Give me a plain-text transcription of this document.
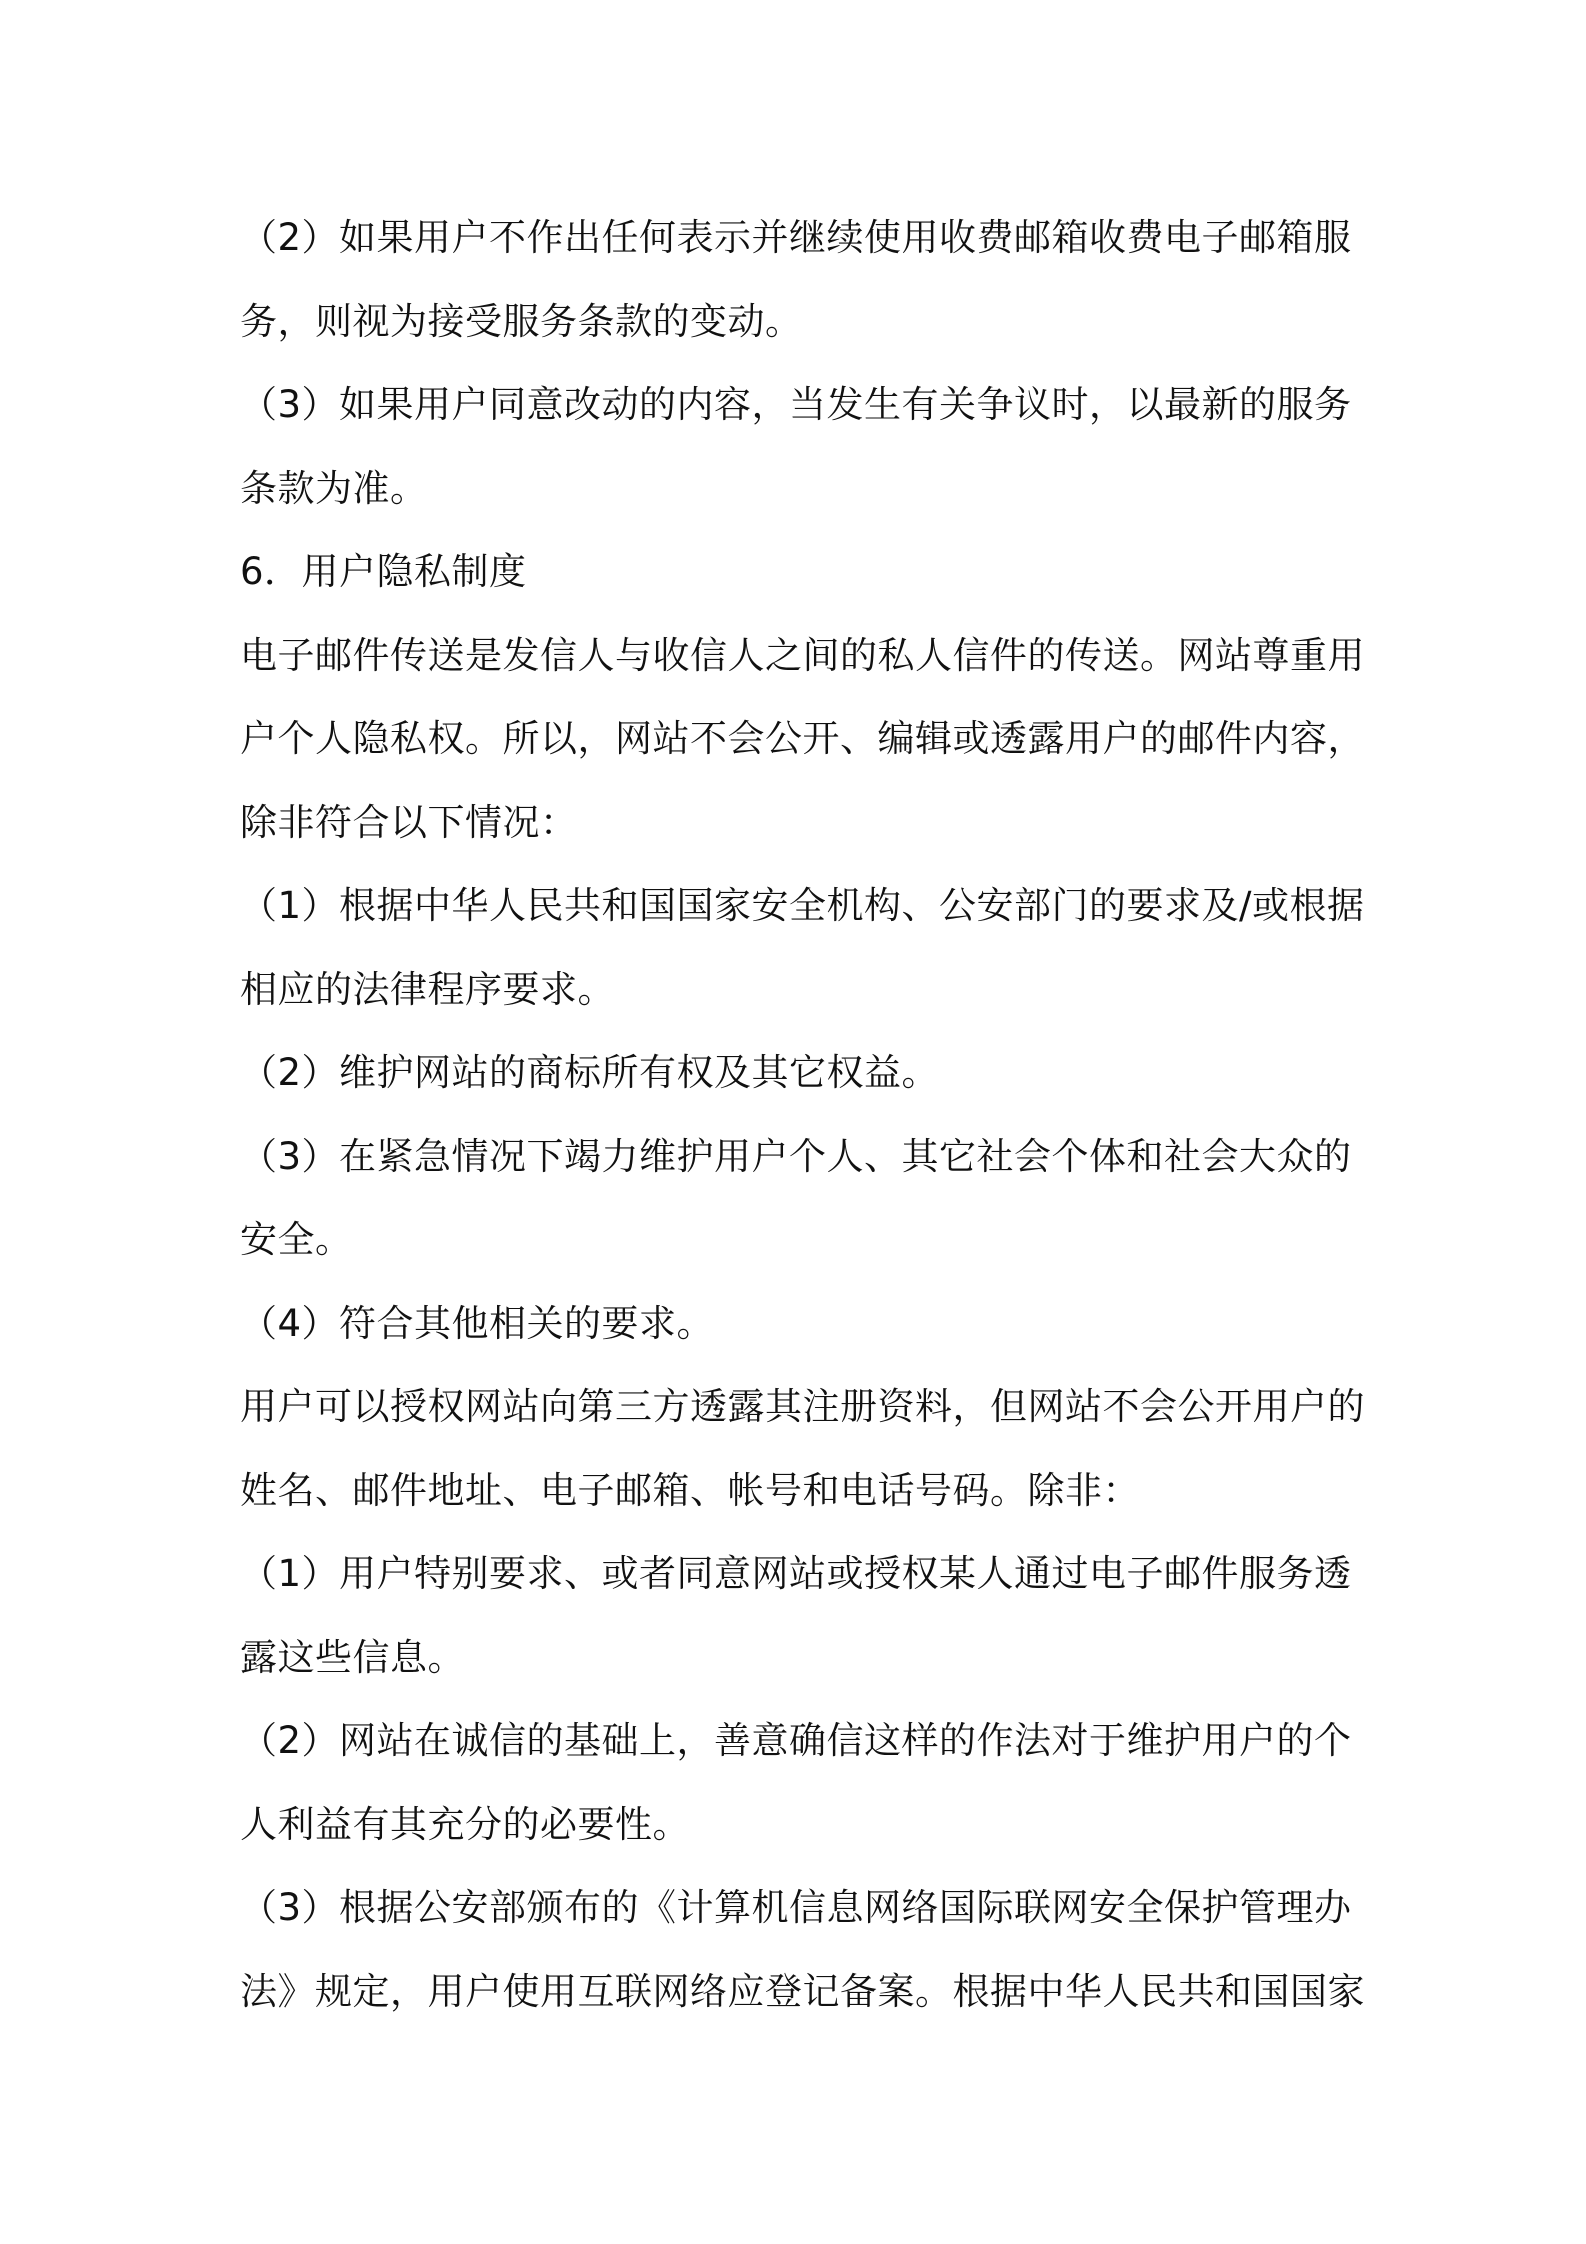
（2）如果用户不作出任何表示并继续使用收费邮箱收费电子邮箱服
务，则视为接受服务条款的变动。
（3）如果用户同意改动的内容，当发生有关争议时，以最新的服务
条款为准。
6．用户隐私制度
电子邮件传送是发信人与收信人之间的私人信件的传送。网站尊重用
户个人隐私权。所以，网站不会公开、编辑或透露用户的邮件内容，
除非符合以下情况：
（1）根据中华人民共和国国家安全机构、公安部门的要求及/或根据
相应的法律程序要求。
（2）维护网站的商标所有权及其它权益。
（3）在紧急情况下竭力维护用户个人、其它社会个体和社会大众的
安全。
（4）符合其他相关的要求。
用户可以授权网站向第三方透露其注册资料，但网站不会公开用户的
姓名、邮件地址、电子邮箱、帐号和电话号码。除非：
（1）用户特别要求、或者同意网站或授权某人通过电子邮件服务透
露这些信息。
（2）网站在诚信的基础上，善意确信这样的作法对于维护用户的个
人利益有其充分的必要性。
（3）根据公安部颁布的《计算机信息网络国际联网安全保护管理办
法》规定，用户使用互联网络应登记备案。根据中华人民共和国国家
